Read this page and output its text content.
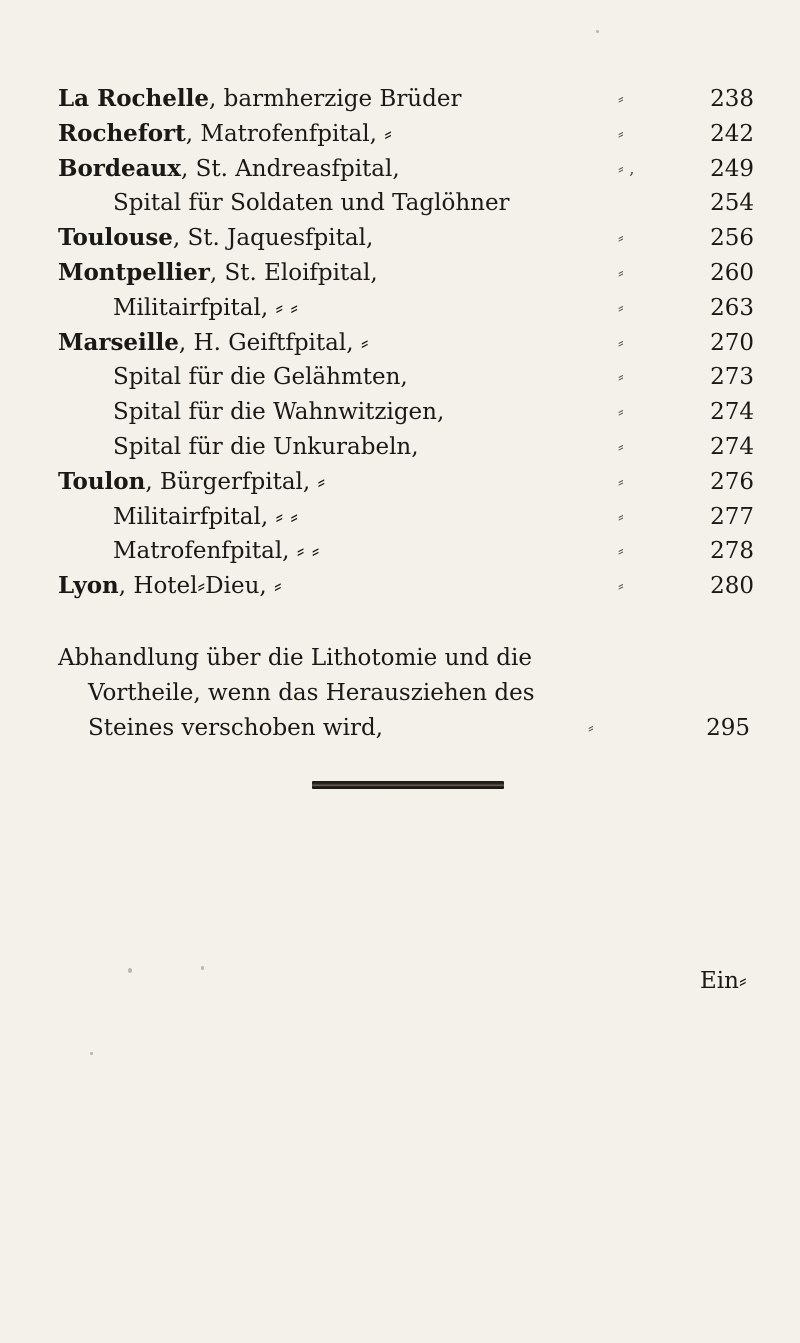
La Rochelle, barmherzige Brüder	⸗	238
Rochefort, Matrofenfpital, ⸗	⸗	242
Bordeaux, St. Andreasfpital,	⸗ ,	249
Spital für Soldaten und Taglöhner	254
Toulouse, St. Jaquesfpital,	⸗	256
Montpellier, St. Eloifpital,	⸗	260
Militairfpital, ⸗ ⸗	⸗	263
Marseille, H. Geiftfpital, ⸗	⸗	270
Spital für die Gelähmten,	⸗	273
Spital für die Wahnwitzigen,	⸗	274
Spital für die Unkurabeln,	⸗	274
Toulon, Bürgerfpital, ⸗	⸗	276
Militairfpital, ⸗ ⸗	⸗	277
Matrofenfpital, ⸗ ⸗	⸗	278
Lyon, Hotel⸗Dieu, ⸗	⸗	280
Abhandlung über die Lithotomie und die
Vortheile, wenn das Herausziehen des
Steines verschoben wird,	⸗	295
Ein⸗
